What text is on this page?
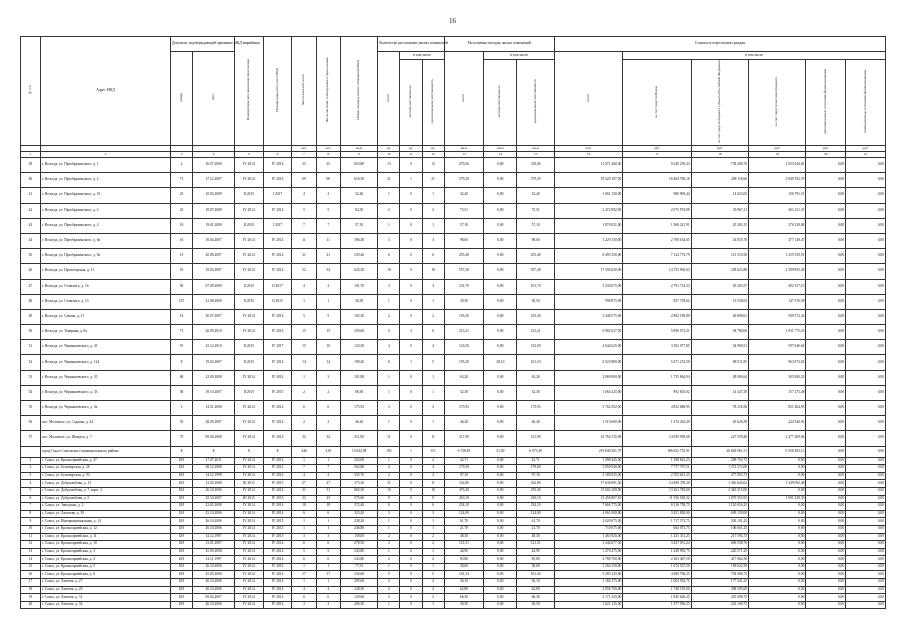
16
№ п/п	Адрес МКД	Документ, подтверждающий признание МКД аварийным		Планируемая дата окончания переселения	Планируемая дата сноса МКД	Число жителей, всего	Число жителей, планируемых к переселению	Общая площадь жилых помещений МКД	Количество расселяемых жилых помещений			Расселяемая площадь жилых помещений			Стоимость переселения граждан					
		номер	дата						всего	в том числе		всего	в том числе		всего	в том числе				
										частная собственность	муниципальная собственность		частная собственность	муниципальная собственность		за счет средств Фонда	за счет средств бюджета субъекта Российской Федерации	за счет средств местного бюджета	дополнительные источники финансирования	внебюджетные источники финансирования
						чел.	чел.	кв.м	ед.	ед.	ед.	кв.м	кв.м	кв.м	руб.	руб.	руб.	руб.	руб.	руб.
1	2	3	4	5	6	7	8	9	10	11	12	13	14	15	16	17	18	19	20	21
39	г. Вологда, ул. Преображенского, д. 1	2	16.07.2009	IV 2014	IV 2014	25	25	653,80	13	0	13	270,26	0,00	318,06	11 071 468,00	9 240 239,43	738 280,76	1 053 944,81	0,00	0,00
40	г. Вологда, ул. Преображенского, д. 2	71	17.12.2007	IV 2014	IV 2014	69	69	616,50	21	1	21	579,29	0,00	579,29	19 520 197,50	16 404 706,18	208 118,60	2 849 192,70	0,00	0,00
41	г. Вологда, ул. Преображенского, д. 10	23	10.03.2009	II 2015	I 2017	4	4	32,40	1	0	1	32,40	0,00	32,40	1 061 150,00	980 905,44	14 023,05	156 791,51	0,00	0,00
42	г. Вологда, ул. Преображенского, д. 2	25	18.07.2008	IV 2014	IV 2014	5	5	84,30	2	0	2	75,51	0,00	75,51	2 472 992,50	2 075 974,08	35 967,11	361 411,31	0,00	0,00
43	г. Вологда, ул. Преображенского, д. 4	16	19.01.2009	II 2015	I 2017	7	7	57,10	1	0	1	57,10	0,00	57,10	1 870 021,00	1 568 321,91	25 383,15	276 320,84	0,00	0,00
44	г. Вологда, ул. Преображенского, д. 6а	16	18.04.2007	IV 2014	IV 2014	11	11	396,30	3	0	3	98,60	0,00	98,60	3 229 150,00	2 708 164,65	43 835,76	477 149,47	0,00	0,00
45	г. Вологда, ул. Преображенского, д. 9а	15	20.08.2007	IV 2014	IV 2014	21	21	239,40	6	0	6	255,40	0,00	255,40	8 495 350,00	7 124 774,79	113 319,50	1 255 539,91	0,00	0,00
46	г. Вологда, ул. Пролетарская, д. 11	10	19.03.2007	IV 2014	IV 2014	52	52	623,50	18	0	18	557,28	0,00	557,28	17 594 020,00	14 755 930,63	238 623,88	2 599 855,49	0,00	0,00
47	г. Вологда, ул. Ставского, д. 16	50	07.09.2009	II 2015	II 2017	4	4	101,70	3	0	3	101,70	0,00	101,70	3 330 675,00	2 791 714,33	45 203,57	492 157,10	0,00	0,00
48	г. Вологда, ул. Ставского, д. 13	107	21.08.2009	II 2015	II 2015	1	1	30,50	1	0	1	30,50	0,00	30,50	998 875,00	837 739,62	13 558,63	147 576,58	0,00	0,00
49	г. Вологда, ул. Саммы, д. 11	14	30.07.2007	IV 2014	IV 2014	5	5	105,30	2	0	2	105,30	0,00	105,30	3 448 575,00	2 892 190,89	46 809,61	509 572,43	0,00	0,00
50	г. Вологда, ул. Товарная, д. 8а	71	20.09.2010	IV 2014	IV 2014	15	15	359,60	4	3	6	213,21	0,00	213,21	6 982 627,50	5 856 072,21	94 780,06	1 031 775,23	0,00	0,00
51	г. Вологда, ул. Чернышевского, д. 33	91	23.12.2010	II 2015	IV 2017	15	10	123,50	4	0	4	123,50	0,00	123,50	4 044 625,00	3 392 077,85	54 900,51	597 646,64	0,00	0,00
52	г. Вологда, ул. Чернышевского, д. 124	8	19.02.2007	II 2015	IV 2014	14	14	199,20	6	1	5	195,20	38,10	161,10	6 523 800,00	5 471 274,50	88 511,85	963 973,65	0,00	0,00
53	г. Вологда, ул. Чернышевского, д. 35	68	12.09.2008	IV 2014	IV 2014	1	3	101,88	1	0	1	63,20	0,00	63,20	2 069 800,00	1 735 864,94	28 094,64	305 840,23	0,00	0,00
54	г. Вологда, ул. Чернышевского, д. 33	38	19.10.2007	II 2015	IV 2015	2	2	68,30	1	0	1	32,30	0,00	32,30	1 064 325,00	892 603,02	14 447,50	157 275,48	0,00	0,00
55	г. Вологда, ул. Чернышевского, д. 3а	3	14.01.2008	IV 2014	IV 2014	6	6	175,93	3	0	3	175,93	0,00	175,93	5 762 352,50	4 832 686,95	78 216,56	851 464,95	0,00	0,00
56	пос. Молочное, ул. Садовая, д. 44	35	28.09.2007	IV 2014	IV 2014	2	2	46,20	1	0	1	46,40	0,00	46,40	1 519 600,00	1 274 432,49	20 626,59	224 540,92	0,00	0,00
57	пос. Молочное, ул. Шмидта, д. 7	75	09.06.2008	IV 2014	IV 2014	32	32	511,90	11	0	11	511,90	0,00	511,90	16 764 725,00	14 059 958,68	227 559,28	2 477 209,04	0,00	0,00
	город Сокол Сокольского муниципального района	X	X	X	X	446	419	13 042,98	192	1	151	6 738,49	31,00	6 675,49	219 840 361,79	186 652 753,91	26 628 961,51	6 558 493,13	0,00	0,00
1	г. Сокол, ул. Красноармейская, д. 47	БН	27.07.2011	IV 2014	IV 2014	1	1	254,00	1	0	2	42,71	0,00	42,71	1 398 425,00	1 188 661,23	209 763,75	0,00	0,00	0,00
2	г. Сокол, ул. Беломорская, д. 26	БН	30.12.2008	IV 2014	IV 2014	7	7	562,80	4	0	4	179,30	0,00	179,60	5 850 940,00	7 777 707,51	1 372 572,00	0,00	0,00	0,00
3	г. Сокол, ул. Беломорская, д. 93	БН	14.12.1998	IV 2014	IV 2014	4	4	355,70	2	0	2	97,10	0,00	97,10	3 180 025,00	2 703 021,25	477 003,75	0,00	0,00	0,00
4	г. Сокол, ул. Добролюбова, д. 13	БН	13.05.2008	III 2015	IV 2015	27	27	373,30	11	0	11	332,80	0,00	332,80	17 636 091,30	14 490 378,20	1 346 620,62	1 349 092,48	0,00	0,00
5	г. Сокол, ул. Добролюбова, д. 7, корп. 4	БН	26.10.2006	IV 2014	IV 2014	31	31	865,50	10	0	10	476,40	0,00	476,40	15 602 100,00	13 261 785,00	2 340 315,00	0,00	0,00	0,00
6	г. Сокол, ул. Добролюбова, д. 5	БН	25.10.2007	III 2015	IV 2015	23	23	575,60	9	0	9	410,10	0,00	410,10	13 456 807,10	11 556 018,32	1 079 353,93	1 001 329,35	0,00	0,00
7	г. Сокол, ул. Заводская, д. 2	БН	23.01.2008	IV 2014	IV 2014	18	18	372,40	6	0	6	234,10	0,00	234,10	7 666 775,00	6 516 758,75	1 150 016,25	0,00	0,00	0,00
8	г. Сокол, ул. Лаптаева, д. 39	БН	25.10.2006	IV 2014	IV 2014	6	6	323,20	3	0	3	124,00	0,00	124,00	4 061 000,00	3 451 850,00	609 150,00	0,00	0,00	0,00
9	г. Сокол, ул. Интернациональная, д. 14	БН	26.10.2006	IV 2014	IV 2015	1	1	228,20	1	0	1	61,70	0,00	61,70	2 020 675,00	1 717 573,75	303 101,25	0,00	0,00	0,00
10	г. Сокол, ул. Красноармейская, д. 12	БН	26.10.2006	IV 2014	IV 2015	1	1	246,80	1	0	1	21,70	0,00	21,70	710 675,00	604 073,75	106 601,25	0,00	0,00	0,00
11	г. Сокол, ул. Красноармейская, д. 11	БН	14.12.1997	IV 2014	IV 2015	3	3	158,00	2	0	2	48,30	0,00	48,30	1 463 925,00	1 231 331,25	217 593,75	0,00	0,00	0,00
12	г. Сокол, ул. Красноармейская, д. 10	БН	13.01.2007	IV 2014	IV 2014	6	6	278,50	2	0	2	121,51	0,00	121,51	3 444 677,50	3 437 051,24	606 538,76	0,00	0,00	0,00
13	г. Сокол, ул. Красноармейская, д. 2	БН	25.09.2008	IV 2014	IV 2014	5	5	243,80	1	0	1	44,90	0,00	44,90	1 470 475,00	1 249 903,75	220 571,25	0,00	0,00	0,00
14	г. Сокол, ул. Красноармейская, д. 4	БН	14.11.1997	IV 2014	IV 2014	6	6	243,80	2	0	2	85,80	0,00	85,80	2 780 700,00	2 363 467,50	417 062,50	0,00	0,00	0,00
15	г. Сокол, ул. Красноармейская, д. 5	БН	26.10.2006	IV 2014	IV 2015	1	1	77,91	1	0	1	38,60	0,00	38,60	1 264 150,00	1 074 527,50	189 622,50	0,00	0,00	0,00
16	г. Сокол, ул. Красноармейская, д. 6	БН	25.05.2006	IV 2014	IV 2014	17	17	534,60	5	0	5	161,34	0,00	161,34	5 283 125,00	4 490 706,25	792 368,75	0,00	0,00	0,00
17	г. Сокол, ул. Лаптева, д. 27	БН	26.10.2006	IV 2014	IV 2014	1	1	295,60	2	0	2	36,10	0,00	36,10	1 182 275,00	1 004 933,75	177 341,25	0,00	0,00	0,00
18	г. Сокол, ул. Лаптева, д. 29	БН	26.10.2006	IV 2014	IV 2014	4	4	128,50	2	0	2	62,80	0,00	62,80	2 056 700,00	1 748 195,00	308 505,00	0,00	0,00	0,00
19	г. Сокол, ул. Лаптева, д. 31	БН	09.02.2007	IV 2014	IV 2014	6	6	129,60	2	0	2	66,30	0,00	66,30	2 171 325,00	1 845 626,25	325 698,75	0,00	0,00	0,00
20	г. Сокол, ул. Лаптева, д. 34	БН	26.10.2006	IV 2014	IV 2014	3	3	206,30	1	0	1	49,50	0,00	49,50	1 621 125,00	1 377 956,25	243 168,75	0,00	0,00	0,00
